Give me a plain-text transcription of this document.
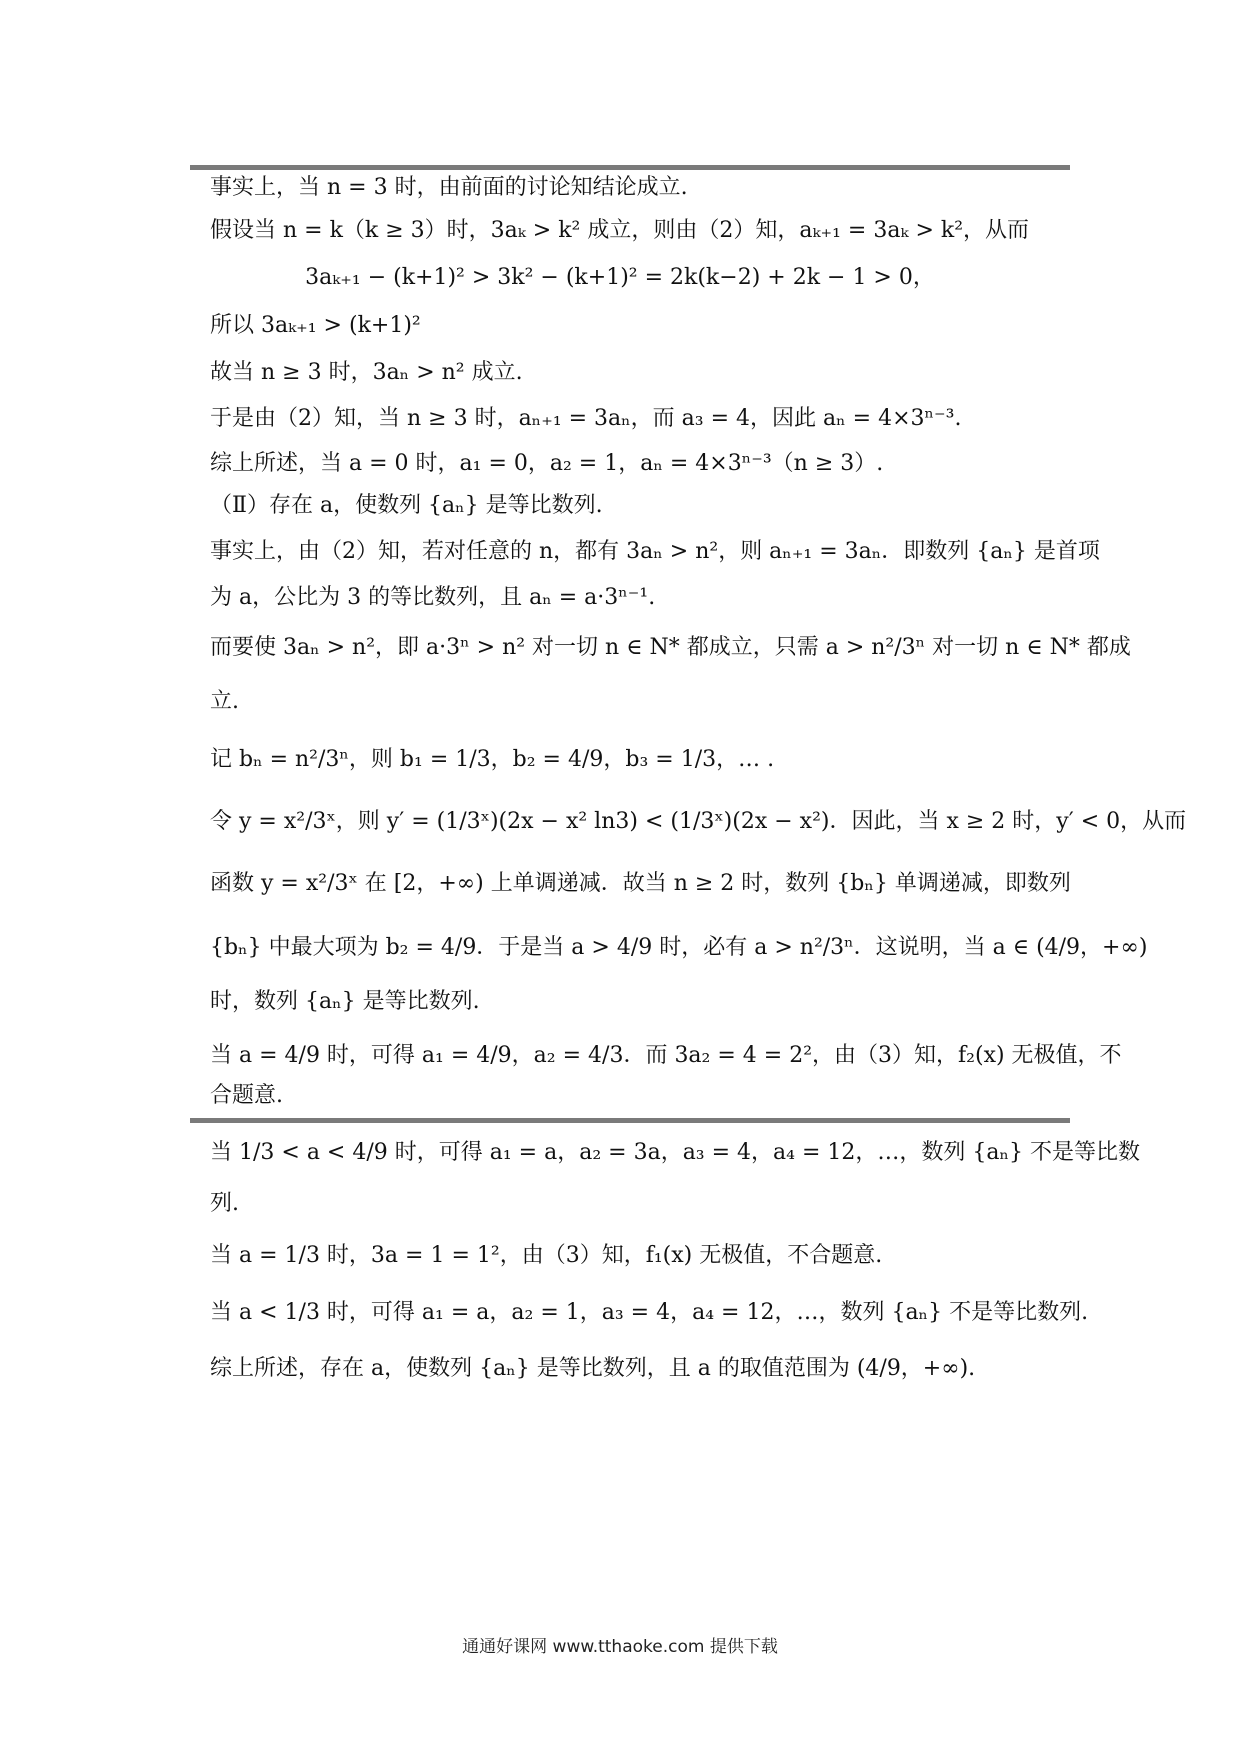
事实上，当 n = 3 时，由前面的讨论知结论成立.
假设当 n = k（k ≥ 3）时，3aₖ > k² 成立，则由（2）知，aₖ₊₁ = 3aₖ > k²，从而
3aₖ₊₁ − (k+1)² > 3k² − (k+1)² = 2k(k−2) + 2k − 1 > 0，
所以 3aₖ₊₁ > (k+1)²
故当 n ≥ 3 时，3aₙ > n² 成立.
于是由（2）知，当 n ≥ 3 时，aₙ₊₁ = 3aₙ，而 a₃ = 4，因此 aₙ = 4×3ⁿ⁻³.
综上所述，当 a = 0 时，a₁ = 0，a₂ = 1，aₙ = 4×3ⁿ⁻³（n ≥ 3）.
（Ⅱ）存在 a，使数列 {aₙ} 是等比数列.
事实上，由（2）知，若对任意的 n，都有 3aₙ > n²，则 aₙ₊₁ = 3aₙ．即数列 {aₙ} 是首项
为 a，公比为 3 的等比数列，且 aₙ = a·3ⁿ⁻¹.
而要使 3aₙ > n²，即 a·3ⁿ > n² 对一切 n ∈ N* 都成立，只需 a > n²/3ⁿ 对一切 n ∈ N* 都成
立.
记 bₙ = n²/3ⁿ，则 b₁ = 1/3，b₂ = 4/9，b₃ = 1/3，… .
令 y = x²/3ˣ，则 y′ = (1/3ˣ)(2x − x² ln3) < (1/3ˣ)(2x − x²)．因此，当 x ≥ 2 时，y′ < 0，从而
函数 y = x²/3ˣ 在 [2，+∞) 上单调递减．故当 n ≥ 2 时，数列 {bₙ} 单调递减，即数列
{bₙ} 中最大项为 b₂ = 4/9．于是当 a > 4/9 时，必有 a > n²/3ⁿ．这说明，当 a ∈ (4/9，+∞)
时，数列 {aₙ} 是等比数列.
当 a = 4/9 时，可得 a₁ = 4/9，a₂ = 4/3．而 3a₂ = 4 = 2²，由（3）知，f₂(x) 无极值，不
合题意.
当 1/3 < a < 4/9 时，可得 a₁ = a，a₂ = 3a，a₃ = 4，a₄ = 12，…，数列 {aₙ} 不是等比数
列.
当 a = 1/3 时，3a = 1 = 1²，由（3）知，f₁(x) 无极值，不合题意.
当 a < 1/3 时，可得 a₁ = a，a₂ = 1，a₃ = 4，a₄ = 12，…，数列 {aₙ} 不是等比数列.
综上所述，存在 a，使数列 {aₙ} 是等比数列，且 a 的取值范围为 (4/9，+∞).
通通好课网 www.tthaoke.com 提供下载
